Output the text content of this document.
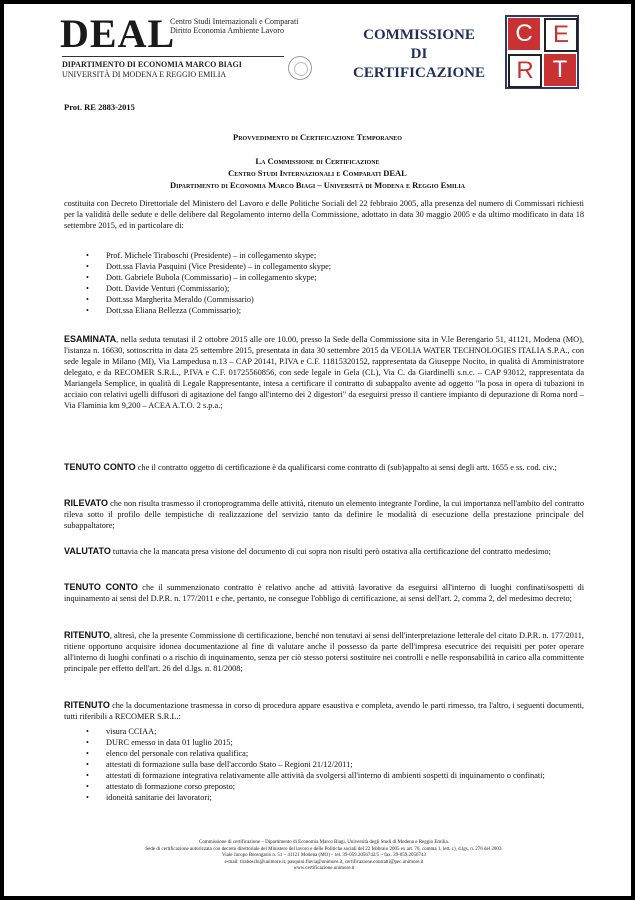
DEAL
Centro Studi Internazionali e Comparati
Diritto Economia Ambiente Lavoro
DIPARTIMENTO DI ECONOMIA MARCO BIAGI
UNIVERSITÀ DI MODENA E REGGIO EMILIA
COMMISSIONE
DI
CERTIFICAZIONE
C E
R T
Prot. RE 2883-2015
Provvedimento di Certificazione Temporaneo
La Commissione di Certificazione
Centro Studi Internazionali e Comparati DEAL
Dipartimento di Economia Marco Biagi – Università di Modena e Reggio Emilia
costituita con Decreto Direttoriale del Ministero del Lavoro e delle Politiche Sociali del 22 febbraio 2005, alla presenza del numero di Commissari richiesti per la validità delle sedute e delle delibere dal Regolamento interno della Commissione, adottato in data 30 maggio 2005 e da ultimo modificato in data 18 settembre 2015, ed in particolare di:
• Prof. Michele Tiraboschi (Presidente) – in collegamento skype;
• Dott.ssa Flavia Pasquini (Vice Presidente) – in collegamento skype;
• Dott. Gabriele Bubola (Commissario) – in collegamento skype;
• Dott. Davide Venturi (Commissario);
• Dott.ssa Margherita Meraldo (Commissario)
• Dott.ssa Eliana Bellezza (Commissario);
ESAMINATA, nella seduta tenutasi il 2 ottobre 2015 alle ore 10.00, presso la Sede della Commissione sita in V.le Berengario 51, 41121, Modena (MO), l'istanza n. 16630, sottoscritta in data 25 settembre 2015, presentata in data 30 settembre 2015 da VEOLIA WATER TECHNOLOGIES ITALIA S.P.A., con sede legale in Milano (MI), Via Lampedusa n.13 – CAP 20141, P.IVA e C.F. 11815320152, rappresentata da Giuseppe Nocito, in qualità di Amministratore delegato, e da RECOMER S.R.L., P.IVA e C.F. 01725560856, con sede legale in Gela (CL), Via C. da Giardinelli s.n.c. – CAP 93012, rappresentata da Mariangela Semplice, in qualità di Legale Rappresentante, intesa a certificare il contratto di subappalto avente ad oggetto "la posa in opera di tubazioni in acciaio con relativi ugelli diffusori di agitazione del fango all'interno dei 2 digestori" da eseguirsi presso il cantiere impianto di depurazione di Roma nord – Via Flaminia km 9,200 – ACEA A.T.O. 2 s.p.a.;
TENUTO CONTO che il contratto oggetto di certificazione è da qualificarsi come contratto di (sub)appalto ai sensi degli artt. 1655 e ss. cod. civ.;
RILEVATO che non risulta trasmesso il cronoprogramma delle attività, ritenuto un elemento integrante l'ordine, la cui importanza nell'ambito del contratto rileva sotto il profilo delle tempistiche di realizzazione del servizio tanto da definire le modalità di esecuzione della prestazione principale del subappaltatore;
VALUTATO tuttavia che la mancata presa visione del documento di cui sopra non risulti però ostativa alla certificazione del contratto medesimo;
TENUTO CONTO che il summenzionato contratto è relativo anche ad attività lavorative da eseguirsi all'interno di luoghi confinati/sospetti di inquinamento ai sensi del D.P.R. n. 177/2011 e che, pertanto, ne consegue l'obbligo di certificazione, ai sensi dell'art. 2, comma 2, del medesimo decreto;
RITENUTO, altresì, che la presente Commissione di certificazione, benché non tenutavi ai sensi dell'interpretazione letterale del citato D.P.R. n. 177/2011, ritiene opportuno acquisire idonea documentazione al fine di valutare anche il possesso da parte dell'impresa esecutrice dei requisiti per poter operare all'interno di luoghi confinati o a rischio di inquinamento, senza per ciò stesso potersi sostituire nei controlli e nelle responsabilità in carico alla committente principale per effetto dell'art. 26 del d.lgs. n. 81/2008;
RITENUTO che la documentazione trasmessa in corso di procedura appare esaustiva e completa, avendo le parti rimesso, tra l'altro, i seguenti documenti, tutti riferibili a RECOMER S.R.L.:
• visura CCIAA;
• DURC emesso in data 01 luglio 2015;
• elenco del personale con relativa qualifica;
• attestati di formazione sulla base dell'accordo Stato – Regioni 21/12/2011;
• attestati di formazione integrativa relativamente alle attività da svolgersi all'interno di ambienti sospetti di inquinamento o confinati;
• attestato di formazione corso preposto;
• idoneità sanitarie dei lavoratori;
Commissione di certificazione – Dipartimento di Economia Marco Biagi, Università degli Studi di Modena e Reggio Emilia.
Sede di certificazione autorizzata con decreto direttoriale del Ministero del lavoro e delle Politiche sociali del 22 febbraio 2005 ex art. 76, comma 1, lett. c), d.lgs. n. 276 del 2003.
Viale Jacopo Berengario n. 51 – 41121 Modena (MO) – tel. 39-059.2056742/5 – fax. 39-059.2056743
e-mail: tiraboschi@unimore.it, pasquini.flavia@unimore.it, certificazione.contratti@pec.unimore.it
www.certificazione.unimore.it
